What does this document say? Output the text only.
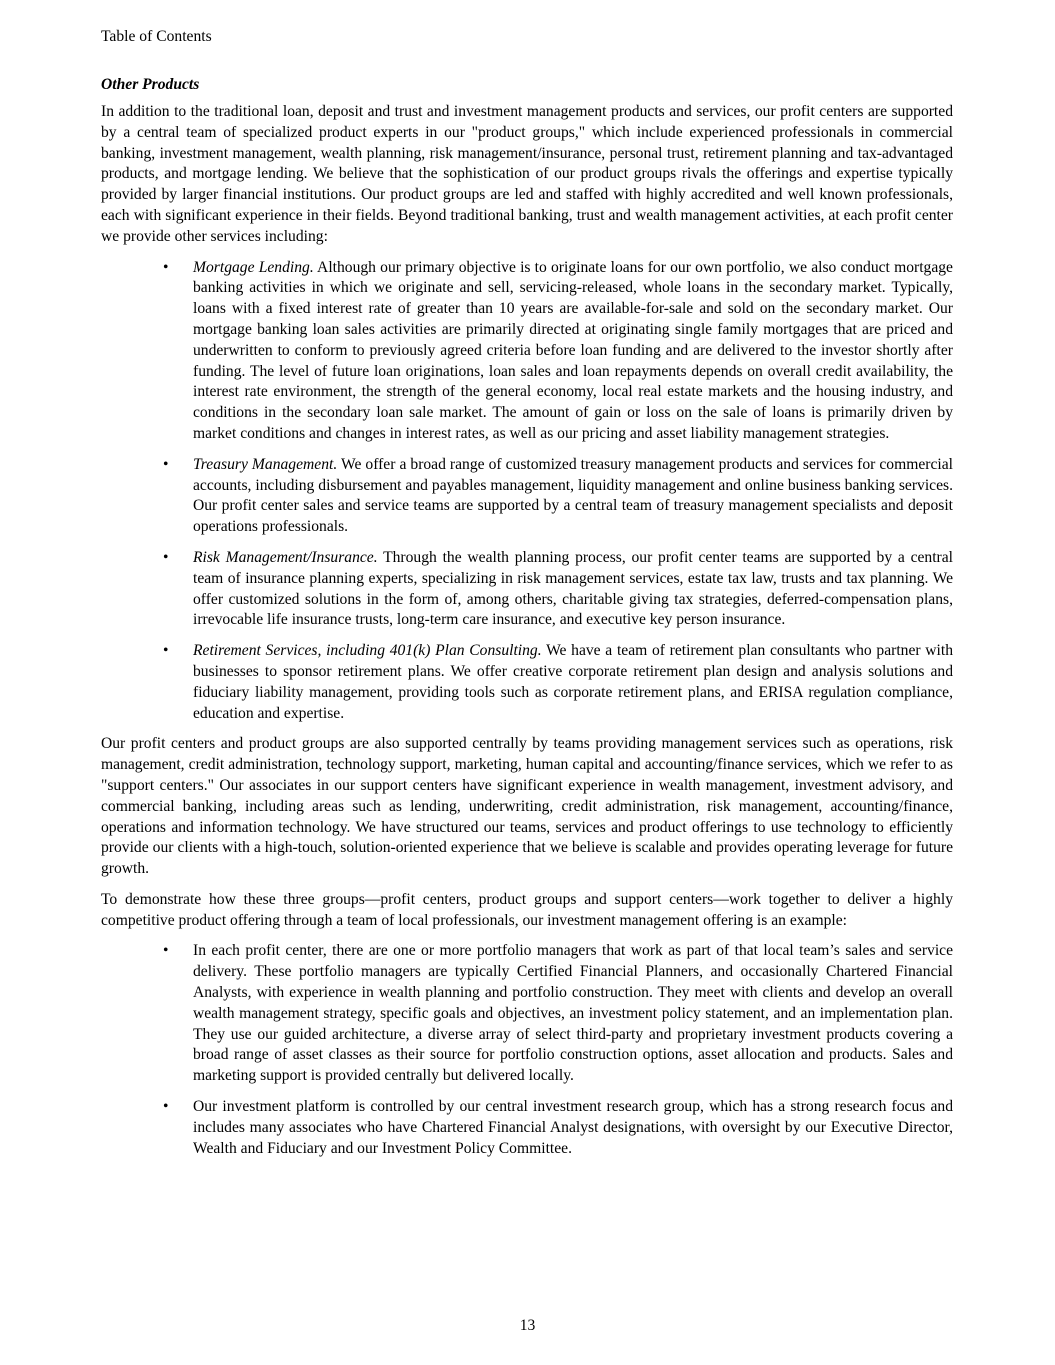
Table of Contents
Other Products

In addition to the traditional loan, deposit and trust and investment management products and services, our profit centers are supported by a central team of specialized product experts in our "product groups," which include experienced professionals in commercial banking, investment management, wealth planning, risk management/insurance, personal trust, retirement planning and tax-advantaged products, and mortgage lending. We believe that the sophistication of our product groups rivals the offerings and expertise typically provided by larger financial institutions. Our product groups are led and staffed with highly accredited and well known professionals, each with significant experience in their fields. Beyond traditional banking, trust and wealth management activities, at each profit center we provide other services including:

• Mortgage Lending. Although our primary objective is to originate loans for our own portfolio, we also conduct mortgage banking activities in which we originate and sell, servicing-released, whole loans in the secondary market. Typically, loans with a fixed interest rate of greater than 10 years are available-for-sale and sold on the secondary market. Our mortgage banking loan sales activities are primarily directed at originating single family mortgages that are priced and underwritten to conform to previously agreed criteria before loan funding and are delivered to the investor shortly after funding. The level of future loan originations, loan sales and loan repayments depends on overall credit availability, the interest rate environment, the strength of the general economy, local real estate markets and the housing industry, and conditions in the secondary loan sale market. The amount of gain or loss on the sale of loans is primarily driven by market conditions and changes in interest rates, as well as our pricing and asset liability management strategies.
• Treasury Management. We offer a broad range of customized treasury management products and services for commercial accounts, including disbursement and payables management, liquidity management and online business banking services. Our profit center sales and service teams are supported by a central team of treasury management specialists and deposit operations professionals.
• Risk Management/Insurance. Through the wealth planning process, our profit center teams are supported by a central team of insurance planning experts, specializing in risk management services, estate tax law, trusts and tax planning. We offer customized solutions in the form of, among others, charitable giving tax strategies, deferred-compensation plans, irrevocable life insurance trusts, long-term care insurance, and executive key person insurance.
• Retirement Services, including 401(k) Plan Consulting. We have a team of retirement plan consultants who partner with businesses to sponsor retirement plans. We offer creative corporate retirement plan design and analysis solutions and fiduciary liability management, providing tools such as corporate retirement plans, and ERISA regulation compliance, education and expertise.

Our profit centers and product groups are also supported centrally by teams providing management services such as operations, risk management, credit administration, technology support, marketing, human capital and accounting/finance services, which we refer to as "support centers." Our associates in our support centers have significant experience in wealth management, investment advisory, and commercial banking, including areas such as lending, underwriting, credit administration, risk management, accounting/finance, operations and information technology. We have structured our teams, services and product offerings to use technology to efficiently provide our clients with a high-touch, solution-oriented experience that we believe is scalable and provides operating leverage for future growth.

To demonstrate how these three groups—profit centers, product groups and support centers—work together to deliver a highly competitive product offering through a team of local professionals, our investment management offering is an example:

• In each profit center, there are one or more portfolio managers that work as part of that local team’s sales and service delivery. These portfolio managers are typically Certified Financial Planners, and occasionally Chartered Financial Analysts, with experience in wealth planning and portfolio construction. They meet with clients and develop an overall wealth management strategy, specific goals and objectives, an investment policy statement, and an implementation plan. They use our guided architecture, a diverse array of select third-party and proprietary investment products covering a broad range of asset classes as their source for portfolio construction options, asset allocation and products. Sales and marketing support is provided centrally but delivered locally.
• Our investment platform is controlled by our central investment research group, which has a strong research focus and includes many associates who have Chartered Financial Analyst designations, with oversight by our Executive Director, Wealth and Fiduciary and our Investment Policy Committee.
13
